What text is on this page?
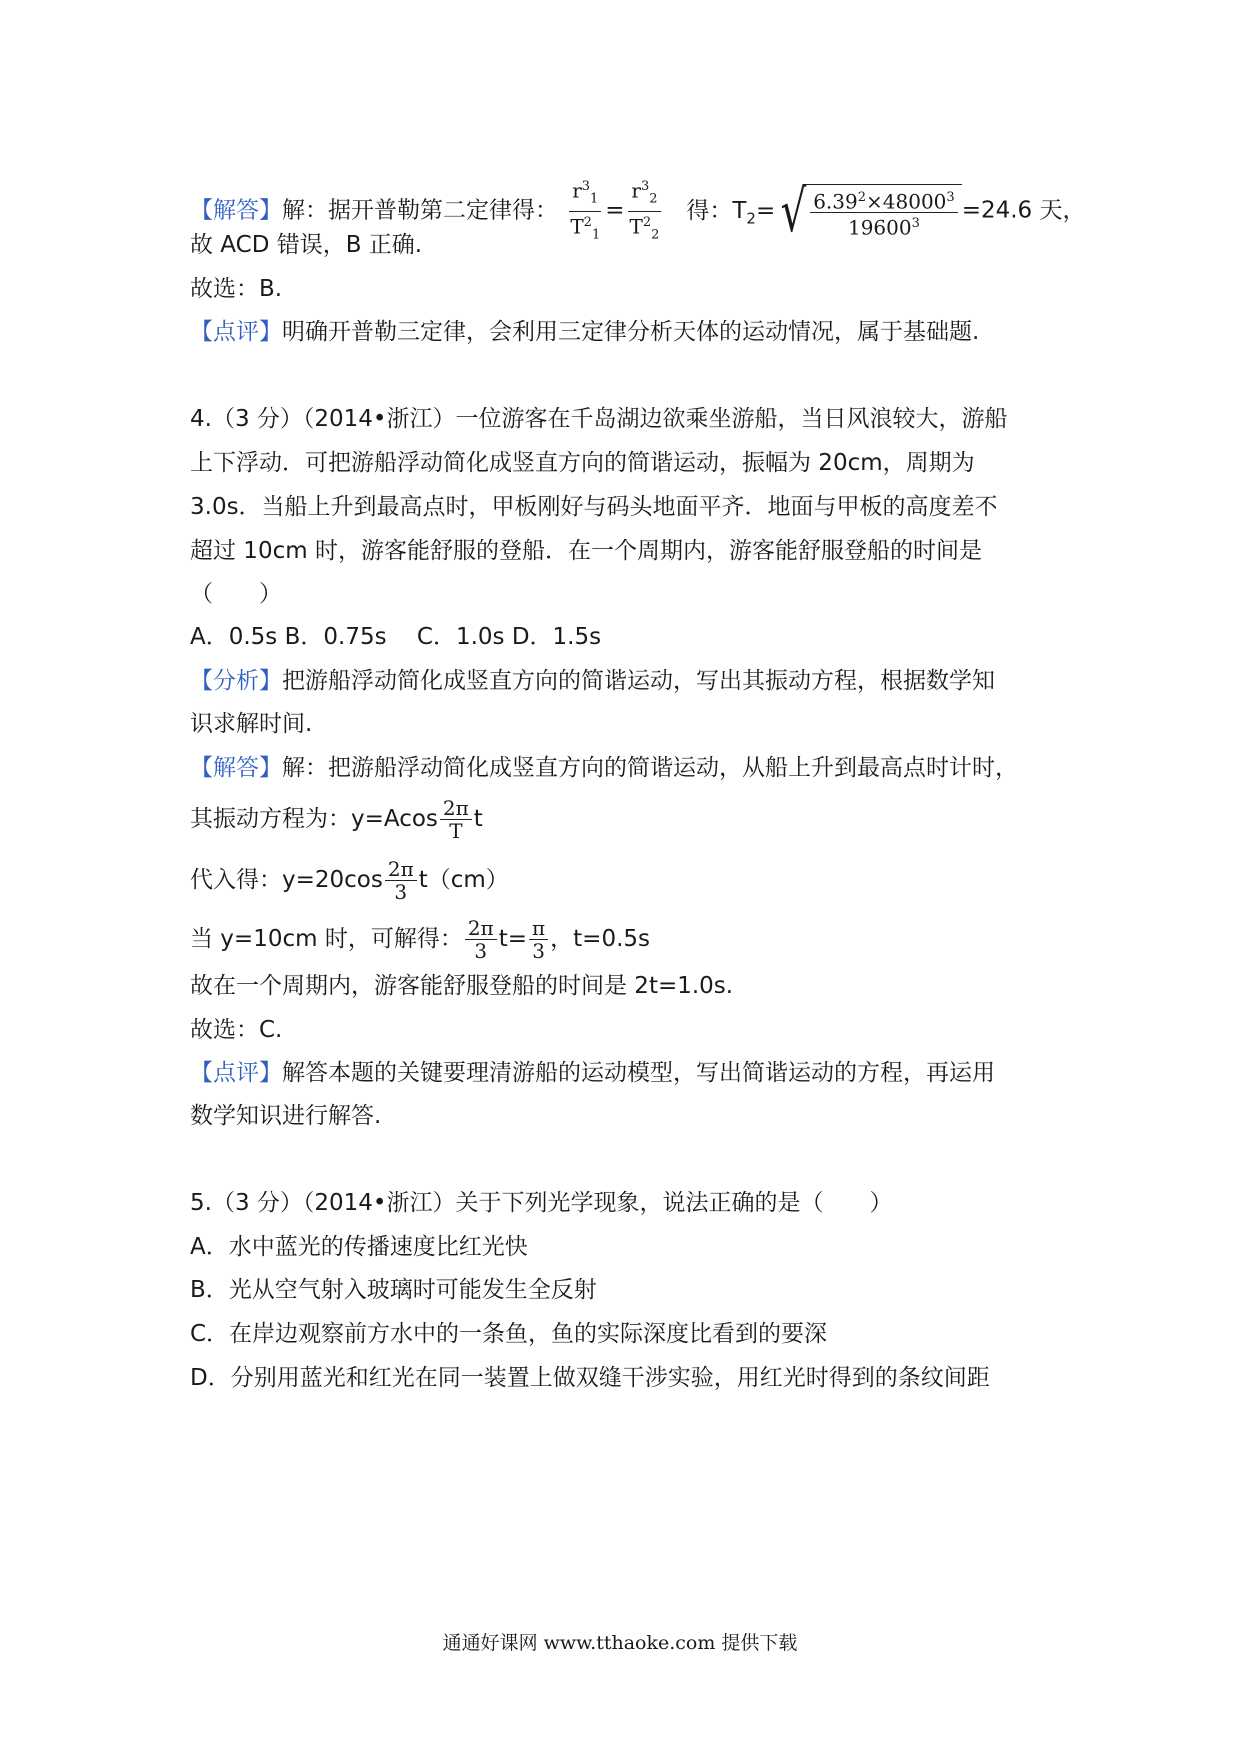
【解答】解：据开普勒第二定律得： $\frac{r^3_1}{T^2_1} = \frac{r^3_2}{T^2_2}$ 得：$T_2=$ √ $\frac{6.39^2\times 48000^3}{19600^3} =24.6$ 天，
故 ACD 错误，B 正确.
故选：B.
【点评】明确开普勒三定律，会利用三定律分析天体的运动情况，属于基础题.
4.（3 分）（2014•浙江）一位游客在千岛湖边欲乘坐游船，当日风浪较大，游船
上下浮动．可把游船浮动简化成竖直方向的简谐运动，振幅为 20cm，周期为
3.0s．当船上升到最高点时，甲板刚好与码头地面平齐．地面与甲板的高度差不
超过 10cm 时，游客能舒服的登船．在一个周期内，游客能舒服登船的时间是
（　　）
A．0.5s B．0.75s　 C．1.0s D．1.5s
【分析】把游船浮动简化成竖直方向的简谐运动，写出其振动方程，根据数学知
识求解时间.
【解答】解：把游船浮动简化成竖直方向的简谐运动，从船上升到最高点时计时，
其振动方程为：$y=Acos \frac{2\pi}{T}$ t
代入得：$y=20\cos \frac{2\pi}{3} t(cm)$
当 y=10cm 时，可解得： $\frac{2\pi}{3} t= \frac{\pi}{3}$ ，t=0.5s
故在一个周期内，游客能舒服登船的时间是 2t=1.0s.
故选：C.
【点评】解答本题的关键要理清游船的运动模型，写出简谐运动的方程，再运用
数学知识进行解答.
5.（3 分）（2014•浙江）关于下列光学现象，说法正确的是（　　）
A．水中蓝光的传播速度比红光快
B．光从空气射入玻璃时可能发生全反射
C．在岸边观察前方水中的一条鱼，鱼的实际深度比看到的要深
D．分别用蓝光和红光在同一装置上做双缝干涉实验，用红光时得到的条纹间距
通通好课网 www.tthaoke.com 提供下载
